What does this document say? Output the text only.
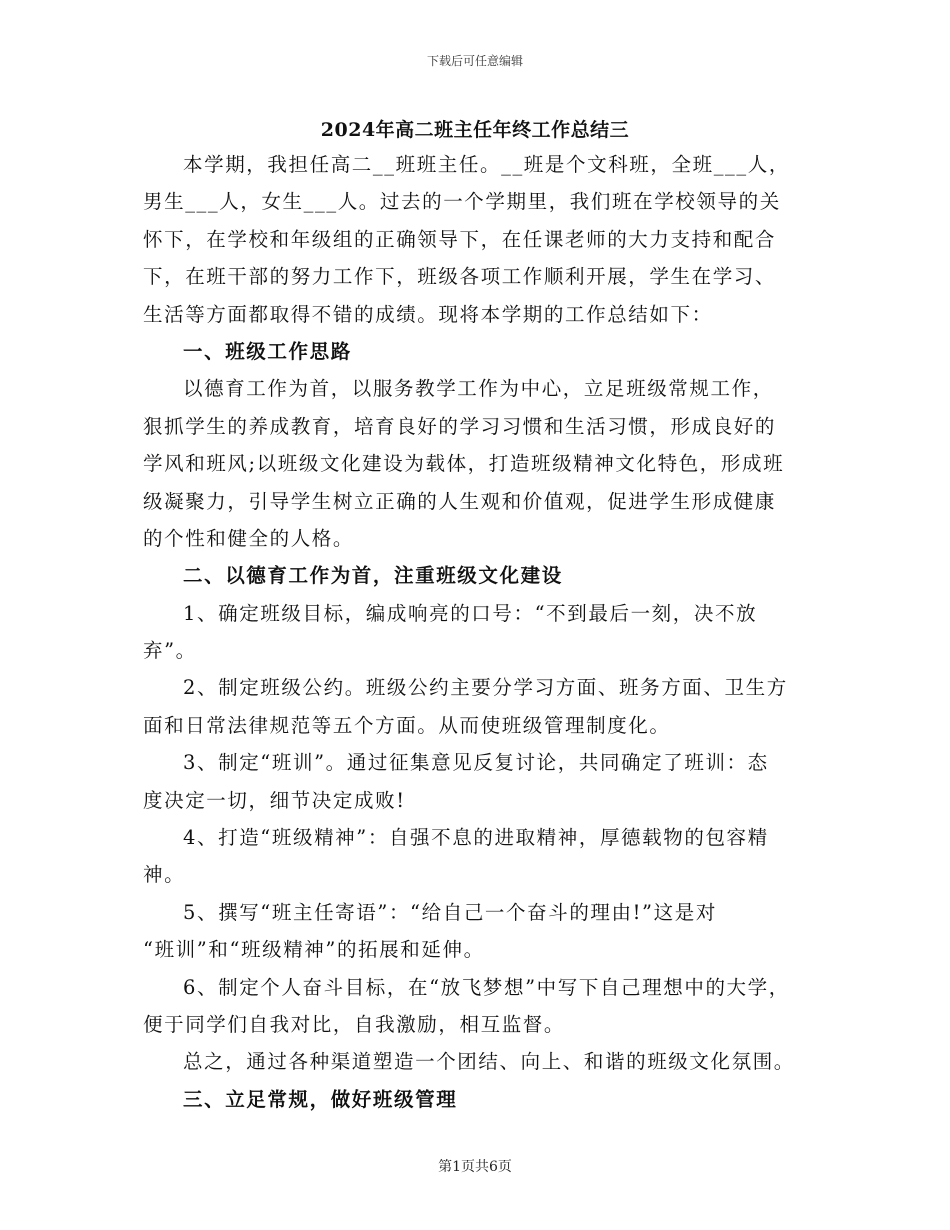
下载后可任意编辑
2024年高二班主任年终工作总结三
本学期，我担任高二__班班主任。__班是个文科班，全班___人，
男生___人，女生___人。过去的一个学期里，我们班在学校领导的关
怀下，在学校和年级组的正确领导下，在任课老师的大力支持和配合
下，在班干部的努力工作下，班级各项工作顺利开展，学生在学习、
生活等方面都取得不错的成绩。现将本学期的工作总结如下：
一、班级工作思路
以德育工作为首，以服务教学工作为中心，立足班级常规工作，
狠抓学生的养成教育，培育良好的学习习惯和生活习惯，形成良好的
学风和班风;以班级文化建设为载体，打造班级精神文化特色，形成班
级凝聚力，引导学生树立正确的人生观和价值观，促进学生形成健康
的个性和健全的人格。
二、以德育工作为首，注重班级文化建设
1、确定班级目标，编成响亮的口号：“不到最后一刻，决不放
弃”。
2、制定班级公约。班级公约主要分学习方面、班务方面、卫生方
面和日常法律规范等五个方面。从而使班级管理制度化。
3、制定“班训”。通过征集意见反复讨论，共同确定了班训：态
度决定一切，细节决定成败!
4、打造“班级精神”：自强不息的进取精神，厚德载物的包容精
神。
5、撰写“班主任寄语”：“给自己一个奋斗的理由!”这是对
“班训”和“班级精神”的拓展和延伸。
6、制定个人奋斗目标，在“放飞梦想”中写下自己理想中的大学，
便于同学们自我对比，自我激励，相互监督。
总之，通过各种渠道塑造一个团结、向上、和谐的班级文化氛围。
三、立足常规，做好班级管理
第1页共6页
